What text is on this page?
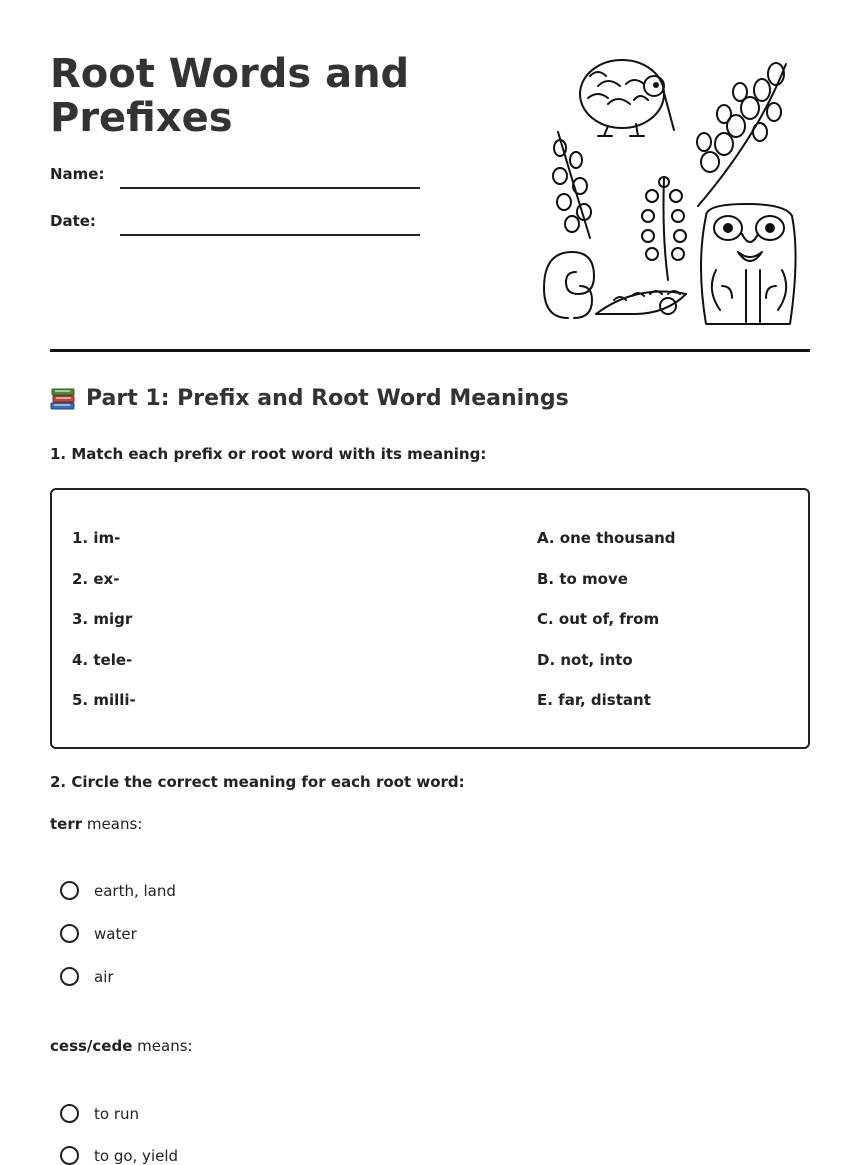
Root Words and Prefixes
Name:
Date:
Part 1: Prefix and Root Word Meanings
1. Match each prefix or root word with its meaning:
1. im-
2. ex-
3. migr
4. tele-
5. milli-
A. one thousand
B. to move
C. out of, from
D. not, into
E. far, distant
2. Circle the correct meaning for each root word:
terr means:
earth, land
water
air
cess/cede means:
to run
to go, yield
